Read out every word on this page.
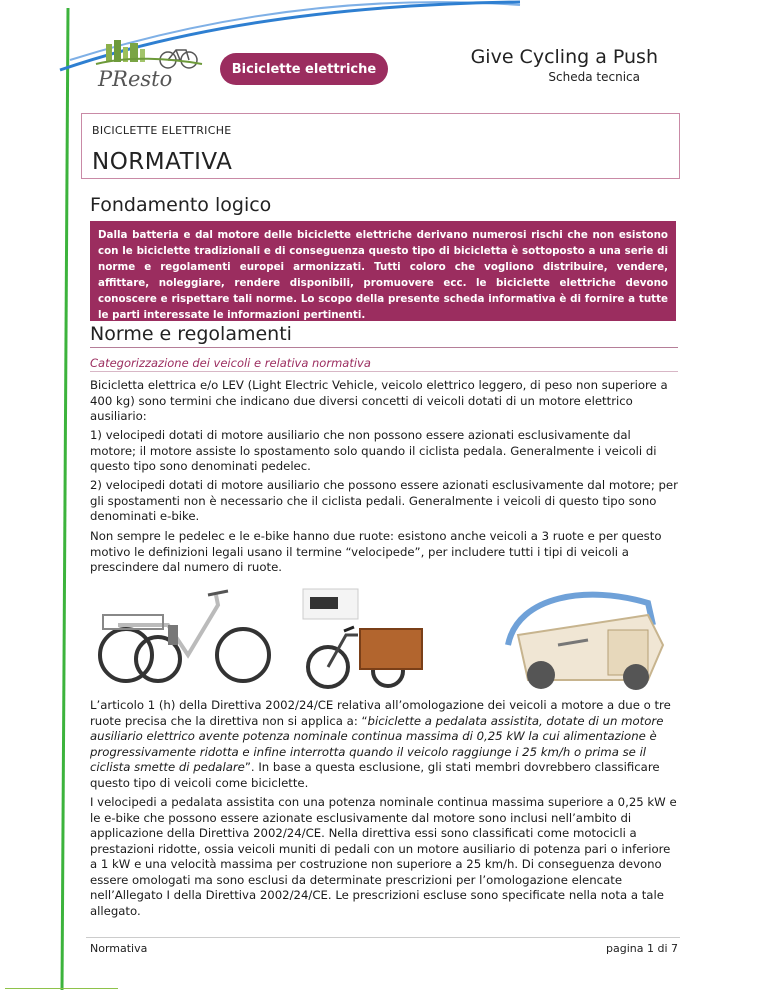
PResto	Biciclette elettriche
Give Cycling a Push
Scheda tecnica
BICICLETTE ELETTRICHE
NORMATIVA
Fondamento logico
Dalla batteria e dal motore delle biciclette elettriche derivano numerosi rischi che non esistono con le biciclette tradizionali e di conseguenza questo tipo di bicicletta è sottoposto a una serie di norme e regolamenti europei armonizzati. Tutti coloro che vogliono distribuire, vendere, affittare, noleggiare, rendere disponibili, promuovere ecc. le biciclette elettriche devono conoscere e rispettare tali norme. Lo scopo della presente scheda informativa è di fornire a tutte le parti interessate le informazioni pertinenti.
Norme e regolamenti
Categorizzazione dei veicoli e relativa normativa
Bicicletta elettrica e/o LEV (Light Electric Vehicle, veicolo elettrico leggero, di peso non superiore a 400 kg) sono termini che indicano due diversi concetti di veicoli dotati di un motore elettrico ausiliario:
1) velocipedi dotati di motore ausiliario che non possono essere azionati esclusivamente dal motore; il motore assiste lo spostamento solo quando il ciclista pedala. Generalmente i veicoli di questo tipo sono denominati pedelec.
2) velocipedi dotati di motore ausiliario che possono essere azionati esclusivamente dal motore; per gli spostamenti non è necessario che il ciclista pedali. Generalmente i veicoli di questo tipo sono denominati e-bike.
Non sempre le pedelec e le e-bike hanno due ruote: esistono anche veicoli a 3 ruote e per questo motivo le definizioni legali usano il termine “velocipede”, per includere tutti i tipi di veicoli a prescindere dal numero di ruote.
L’articolo 1 (h) della Direttiva 2002/24/CE relativa all’omologazione dei veicoli a motore a due o tre ruote precisa che la direttiva non si applica a: “biciclette a pedalata assistita, dotate di un motore ausiliario elettrico avente potenza nominale continua massima di 0,25 kW la cui alimentazione è progressivamente ridotta e infine interrotta quando il veicolo raggiunge i 25 km/h o prima se il ciclista smette di pedalare”. In base a questa esclusione, gli stati membri dovrebbero classificare questo tipo di veicoli come biciclette.
I velocipedi a pedalata assistita con una potenza nominale continua massima superiore a 0,25 kW e le e-bike che possono essere azionate esclusivamente dal motore sono inclusi nell’ambito di applicazione della Direttiva 2002/24/CE. Nella direttiva essi sono classificati come motocicli a prestazioni ridotte, ossia veicoli muniti di pedali con un motore ausiliario di potenza pari o inferiore a 1 kW e una velocità massima per costruzione non superiore a 25 km/h. Di conseguenza devono essere omologati ma sono esclusi da determinate prescrizioni per l’omologazione elencate nell’Allegato I della Direttiva 2002/24/CE. Le prescrizioni escluse sono specificate nella nota a tale allegato.
Normativa	pagina 1 di 7
